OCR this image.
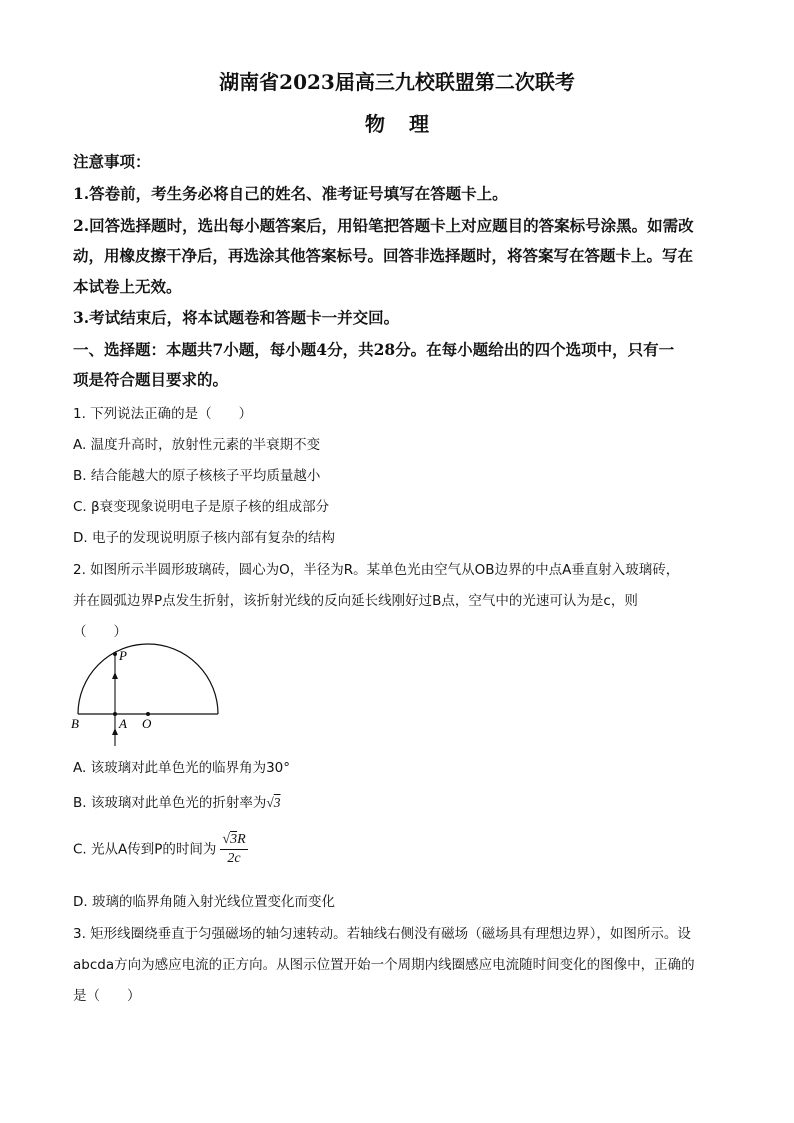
湖南省2023届高三九校联盟第二次联考
物理
注意事项：
1.答卷前，考生务必将自己的姓名、准考证号填写在答题卡上。
2.回答选择题时，选出每小题答案后，用铅笔把答题卡上对应题目的答案标号涂黑。如需改
动，用橡皮擦干净后，再选涂其他答案标号。回答非选择题时，将答案写在答题卡上。写在
本试卷上无效。
3.考试结束后，将本试题卷和答题卡一并交回。
一、选择题：本题共7小题，每小题4分，共28分。在每小题给出的四个选项中，只有一
项是符合题目要求的。
1. 下列说法正确的是（　　）
A. 温度升高时，放射性元素的半衰期不变
B. 结合能越大的原子核核子平均质量越小
C. β衰变现象说明电子是原子核的组成部分
D. 电子的发现说明原子核内部有复杂的结构
2. 如图所示半圆形玻璃砖，圆心为O，半径为R。某单色光由空气从OB边界的中点A垂直射入玻璃砖，
并在圆弧边界P点发生折射，该折射光线的反向延长线刚好过B点，空气中的光速可认为是c，则
（　　）
P
B	A O
A. 该玻璃对此单色光的临界角为30°
B. 该玻璃对此单色光的折射率为√3
C. 光从A传到P的时间为 $\frac{√3R}{2c}$
D. 玻璃的临界角随入射光线位置变化而变化
3. 矩形线圈绕垂直于匀强磁场的轴匀速转动。若轴线右侧没有磁场（磁场具有理想边界），如图所示。设
abcda方向为感应电流的正方向。从图示位置开始一个周期内线圈感应电流随时间变化的图像中，正确的
是（　　）
